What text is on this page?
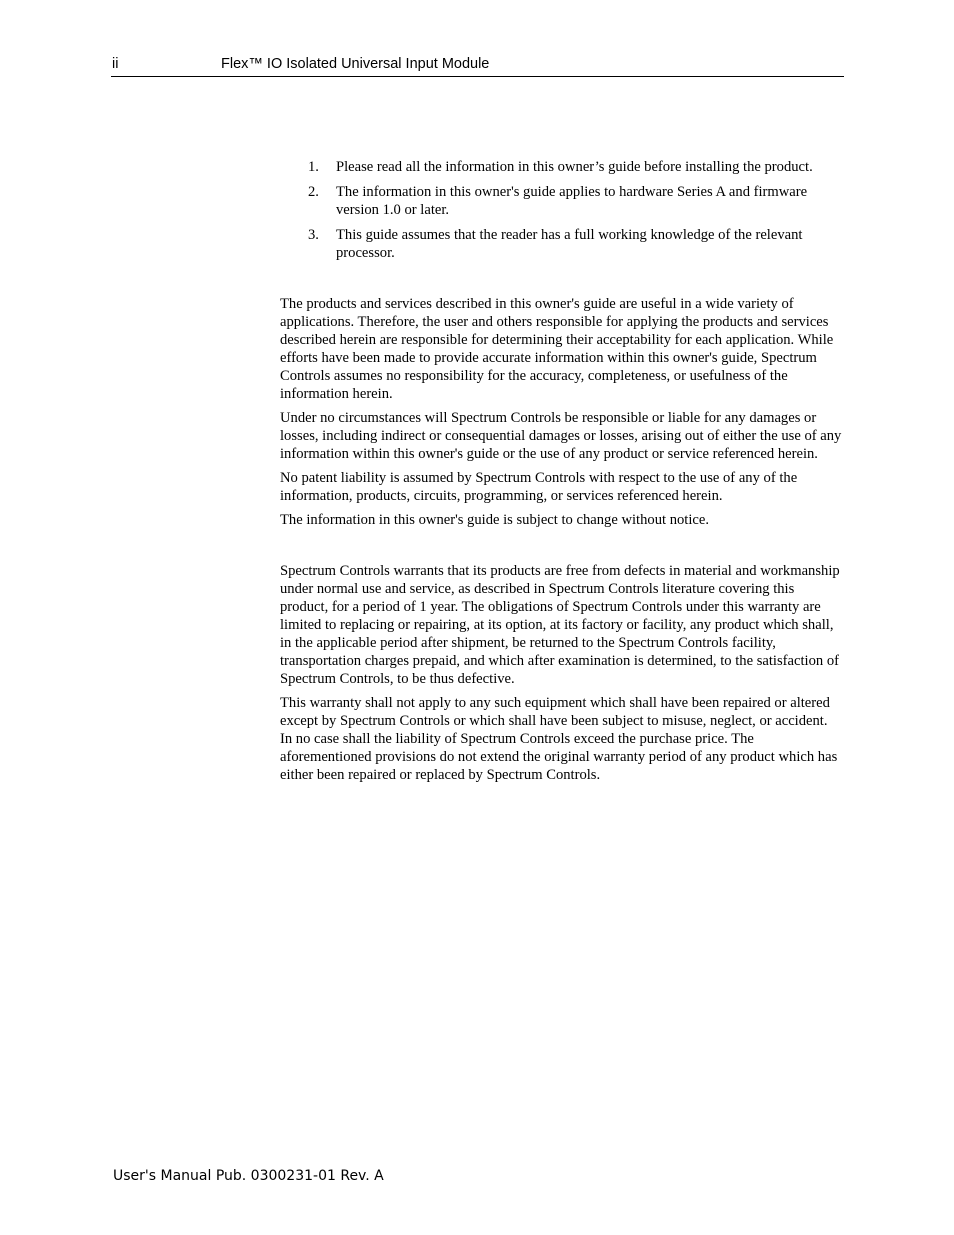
ii	Flex™ IO Isolated Universal Input Module
1. Please read all the information in this owner’s guide before installing the product.
2. The information in this owner's guide applies to hardware Series A and firmware version 1.0 or later.
3. This guide assumes that the reader has a full working knowledge of the relevant processor.

The products and services described in this owner's guide are useful in a wide variety of applications. Therefore, the user and others responsible for applying the products and services described herein are responsible for determining their acceptability for each application. While efforts have been made to provide accurate information within this owner's guide, Spectrum Controls assumes no responsibility for the accuracy, completeness, or usefulness of the information herein.

Under no circumstances will Spectrum Controls be responsible or liable for any damages or losses, including indirect or consequential damages or losses, arising out of either the use of any information within this owner's guide or the use of any product or service referenced herein.

No patent liability is assumed by Spectrum Controls with respect to the use of any of the information, products, circuits, programming, or services referenced herein.

The information in this owner's guide is subject to change without notice.

Spectrum Controls warrants that its products are free from defects in material and workmanship under normal use and service, as described in Spectrum Controls literature covering this product, for a period of 1 year. The obligations of Spectrum Controls under this warranty are limited to replacing or repairing, at its option, at its factory or facility, any product which shall, in the applicable period after shipment, be returned to the Spectrum Controls facility, transportation charges prepaid, and which after examination is determined, to the satisfaction of Spectrum Controls, to be thus defective.

This warranty shall not apply to any such equipment which shall have been repaired or altered except by Spectrum Controls or which shall have been subject to misuse, neglect, or accident. In no case shall the liability of Spectrum Controls exceed the purchase price. The aforementioned provisions do not extend the original warranty period of any product which has either been repaired or replaced by Spectrum Controls.

User's Manual Pub. 0300231-01 Rev. A
